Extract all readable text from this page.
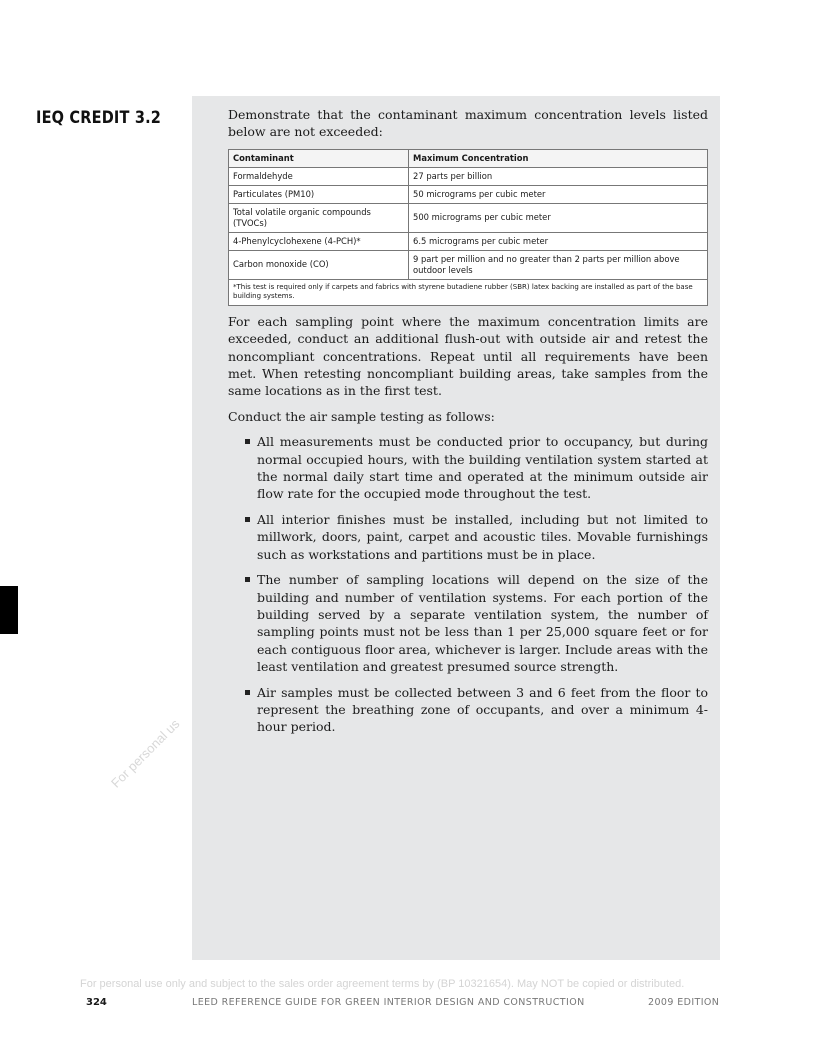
IEQ CREDIT 3.2	Demonstrate that the contaminant maximum concentration levels listed below are not exceeded:

Contaminant	Maximum Concentration
Formaldehyde	27 parts per billion
Particulates (PM10)	50 micrograms per cubic meter
Total volatile organic compounds (TVOCs)	500 micrograms per cubic meter
4-Phenylcyclohexene (4-PCH)*	6.5 micrograms per cubic meter
Carbon monoxide (CO)	9 part per million and no greater than 2 parts per million above outdoor levels
*This test is required only if carpets and fabrics with styrene butadiene rubber (SBR) latex backing are installed as part of the base building systems.	

For each sampling point where the maximum concentration limits are exceeded, conduct an additional flush-out with outside air and retest the noncompliant concentrations. Repeat until all requirements have been met. When retesting noncompliant building areas, take samples from the same locations as in the first test.

Conduct the air sample testing as follows:

All measurements must be conducted prior to occupancy, but during normal occupied hours, with the building ventilation system started at the normal daily start time and operated at the minimum outside air flow rate for the occupied mode throughout the test.
All interior finishes must be installed, including but not limited to millwork, doors, paint, carpet and acoustic tiles. Movable furnishings such as workstations and partitions must be in place.
The number of sampling locations will depend on the size of the building and number of ventilation systems. For each portion of the building served by a separate ventilation system, the number of sampling points must not be less than 1 per 25,000 square feet or for each contiguous floor area, whichever is larger. Include areas with the least ventilation and greatest presumed source strength.
Air samples must be collected between 3 and 6 feet from the floor to represent the breathing zone of occupants, and over a minimum 4-hour period.
For personal us
For personal use only and subject to the sales order agreement terms by (BP 10321654). May NOT be copied or distributed.
324	LEED REFERENCE GUIDE FOR GREEN INTERIOR DESIGN AND CONSTRUCTION	2009 EDITION
